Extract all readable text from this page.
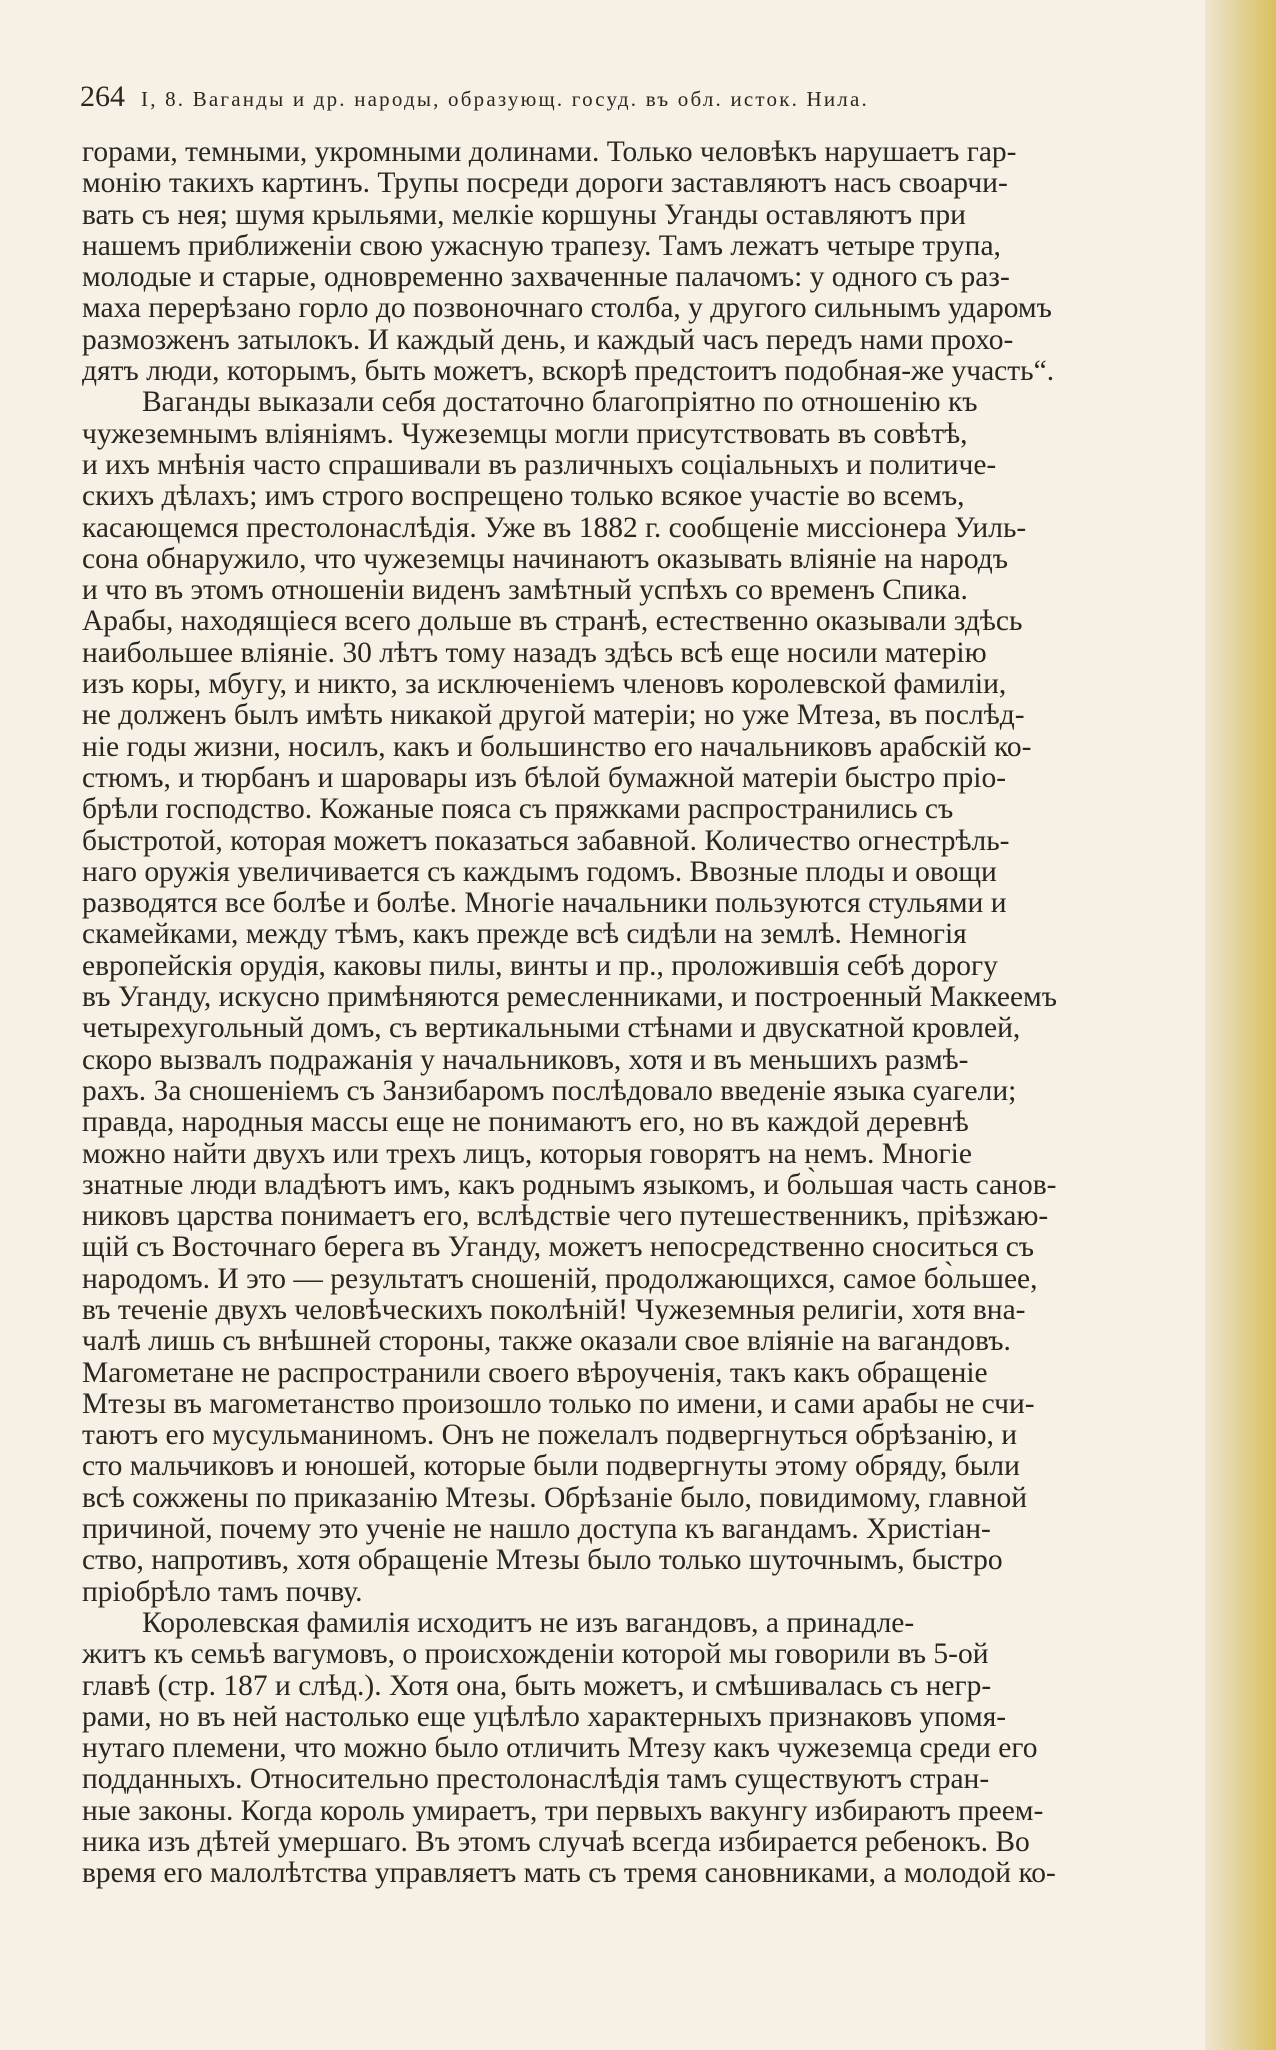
264 I, 8. Ваганды и др. народы, образующ. госуд. въ обл. исток. Нила.
горами, темными, укромными долинами. Только человѣкъ нарушаетъ гар-
монію такихъ картинъ. Трупы посреди дороги заставляютъ насъ своарчи-
вать съ нея; шумя крыльями, мелкіе коршуны Уганды оставляютъ при
нашемъ приближеніи свою ужасную трапезу. Тамъ лежатъ четыре трупа,
молодые и старые, одновременно захваченные палачомъ: у одного съ раз-
маха перерѣзано горло до позвоночнаго столба, у другого сильнымъ ударомъ
размозженъ затылокъ. И каждый день, и каждый часъ передъ нами прохо-
дятъ люди, которымъ, быть можетъ, вскорѣ предстоитъ подобная-же участь“.
Ваганды выказали себя достаточно благопріятно по отношенію къ
чужеземнымъ вліяніямъ. Чужеземцы могли присутствовать въ совѣтѣ,
и ихъ мнѣнія часто спрашивали въ различныхъ соціальныхъ и политиче-
скихъ дѣлахъ; имъ строго воспрещено только всякое участіе во всемъ,
касающемся престолонаслѣдія. Уже въ 1882 г. сообщеніе миссіонера Уиль-
сона обнаружило, что чужеземцы начинаютъ оказывать вліяніе на народъ
и что въ этомъ отношеніи виденъ замѣтный успѣхъ со временъ Спика.
Арабы, находящіеся всего дольше въ странѣ, естественно оказывали здѣсь
наибольшее вліяніе. 30 лѣтъ тому назадъ здѣсь всѣ еще носили матерію
изъ коры, мбугу, и никто, за исключеніемъ членовъ королевской фамиліи,
не долженъ былъ имѣть никакой другой матеріи; но уже Мтеза, въ послѣд-
ніе годы жизни, носилъ, какъ и большинство его начальниковъ арабскій ко-
стюмъ, и тюрбанъ и шаровары изъ бѣлой бумажной матеріи быстро пріо-
брѣли господство. Кожаные пояса съ пряжками распространились съ
быстротой, которая можетъ показаться забавной. Количество огнестрѣль-
наго оружія увеличивается съ каждымъ годомъ. Ввозные плоды и овощи
разводятся все болѣе и болѣе. Многіе начальники пользуются стульями и
скамейками, между тѣмъ, какъ прежде всѣ сидѣли на землѣ. Немногія
европейскія орудія, каковы пилы, винты и пр., проложившія себѣ дорогу
въ Уганду, искусно примѣняются ремесленниками, и построенный Маккеемъ
четырехугольный домъ, съ вертикальными стѣнами и двускатной кровлей,
скоро вызвалъ подражанія у начальниковъ, хотя и въ меньшихъ размѣ-
рахъ. За сношеніемъ съ Занзибаромъ послѣдовало введеніе языка суагели;
правда, народныя массы еще не понимаютъ его, но въ каждой деревнѣ
можно найти двухъ или трехъ лицъ, которыя говорятъ на немъ. Многіе
знатные люди владѣютъ имъ, какъ роднымъ языкомъ, и бо̀льшая часть санов-
никовъ царства понимаетъ его, вслѣдствіе чего путешественникъ, пріѣзжаю-
щій съ Восточнаго берега въ Уганду, можетъ непосредственно сноситься съ
народомъ. И это — результатъ сношеній, продолжающихся, самое бо̀льшее,
въ теченіе двухъ человѣческихъ поколѣній! Чужеземныя религіи, хотя вна-
чалѣ лишь съ внѣшней стороны, также оказали свое вліяніе на вагандовъ.
Магометане не распространили своего вѣроученія, такъ какъ обращеніе
Мтезы въ магометанство произошло только по имени, и сами арабы не счи-
таютъ его мусульманиномъ. Онъ не пожелалъ подвергнуться обрѣзанію, и
сто мальчиковъ и юношей, которые были подвергнуты этому обряду, были
всѣ сожжены по приказанію Мтезы. Обрѣзаніе было, повидимому, главной
причиной, почему это ученіе не нашло доступа къ вагандамъ. Христіан-
ство, напротивъ, хотя обращеніе Мтезы было только шуточнымъ, быстро
пріобрѣло тамъ почву.
Королевская фамилія исходитъ не изъ вагандовъ, а принадле-
житъ къ семьѣ вагумовъ, о происхожденіи которой мы говорили въ 5-ой
главѣ (стр. 187 и слѣд.). Хотя она, быть можетъ, и смѣшивалась съ негр-
рами, но въ ней настолько еще уцѣлѣло характерныхъ признаковъ упомя-
нутаго племени, что можно было отличить Мтезу какъ чужеземца среди его
подданныхъ. Относительно престолонаслѣдія тамъ существуютъ стран-
ные законы. Когда король умираетъ, три первыхъ вакунгу избираютъ преем-
ника изъ дѣтей умершаго. Въ этомъ случаѣ всегда избирается ребенокъ. Во
время его малолѣтства управляетъ мать съ тремя сановниками, а молодой ко-
